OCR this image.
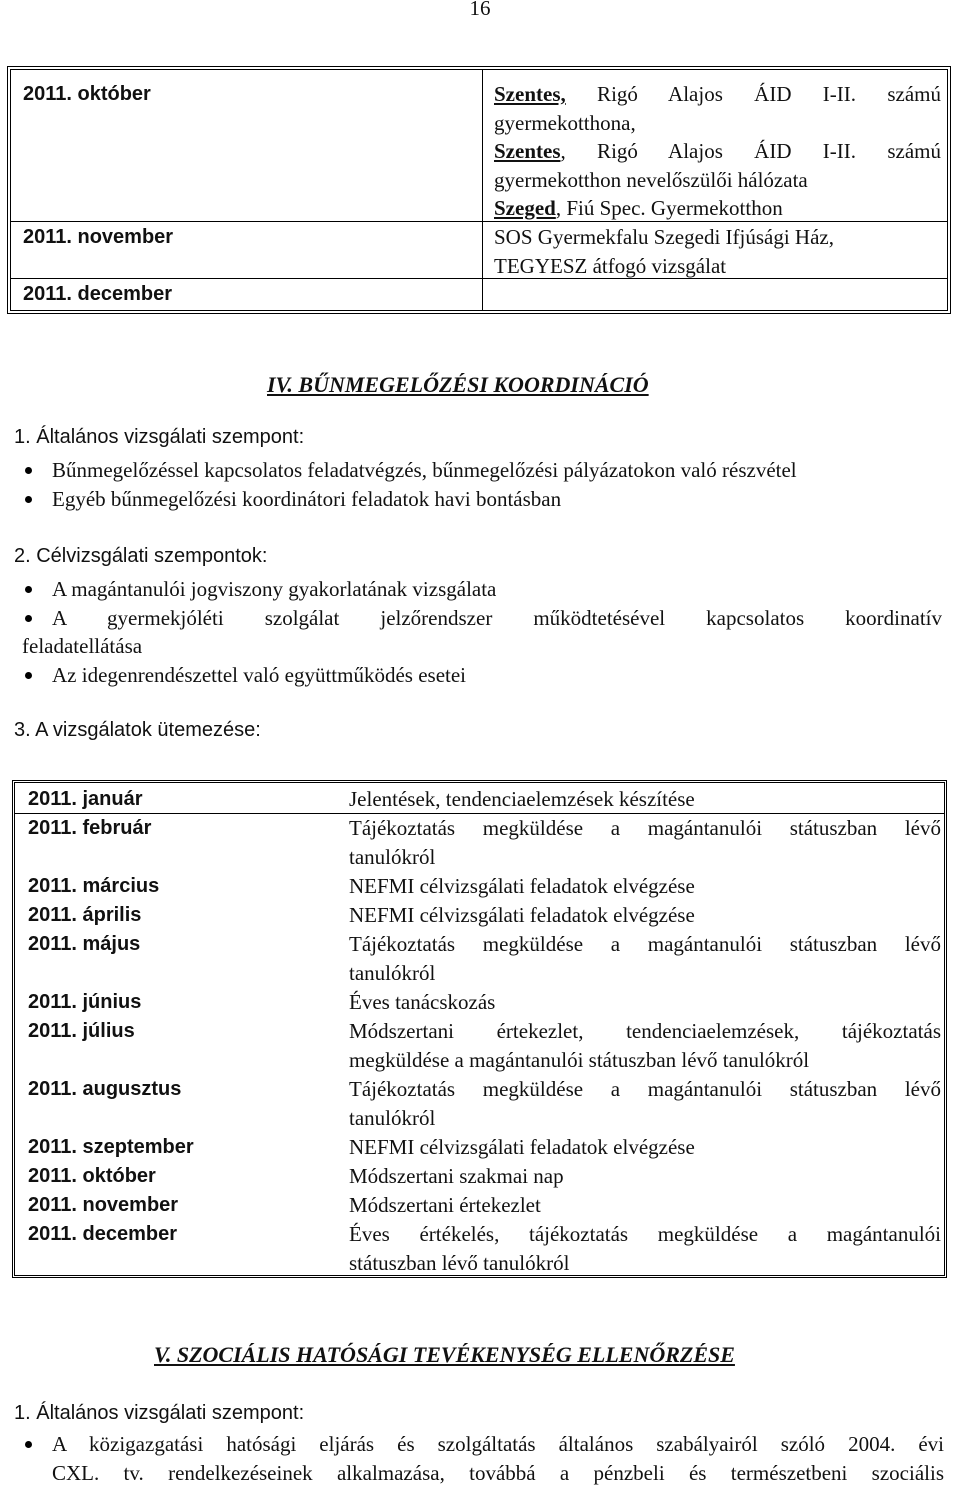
16
2011. október	Szentes, Rigó Alajos ÁID I-II. számú
gyermekotthona,
Szentes, Rigó Alajos ÁID I-II. számú
gyermekotthon nevelőszülői hálózata
Szeged, Fiú Spec. Gyermekotthon
2011. november	SOS Gyermekfalu Szegedi Ifjúsági Ház,
TEGYESZ átfogó vizsgálat
2011. december
IV. BŰNMEGELŐZÉSI KOORDINÁCIÓ
1. Általános vizsgálati szempont:
Bűnmegelőzéssel kapcsolatos feladatvégzés, bűnmegelőzési pályázatokon való részvétel
Egyéb bűnmegelőzési koordinátori feladatok havi bontásban
2. Célvizsgálati szempontok:
A magántanulói jogviszony gyakorlatának vizsgálata
A gyermekjóléti szolgálat jelzőrendszer működtetésével kapcsolatos koordinatív
feladatellátása
Az idegenrendészettel való együttműködés esetei
3. A vizsgálatok ütemezése:
2011. január	Jelentések, tendenciaelemzések készítése
2011. február	Tájékoztatás megküldése a magántanulói státuszban lévő
tanulókról
2011. március	NEFMI célvizsgálati feladatok elvégzése
2011. április	NEFMI célvizsgálati feladatok elvégzése
2011. május	Tájékoztatás megküldése a magántanulói státuszban lévő
tanulókról
2011. június	Éves tanácskozás
2011. július	Módszertani értekezlet, tendenciaelemzések, tájékoztatás
megküldése a magántanulói státuszban lévő tanulókról
2011. augusztus	Tájékoztatás megküldése a magántanulói státuszban lévő
tanulókról
2011. szeptember	NEFMI célvizsgálati feladatok elvégzése
2011. október	Módszertani szakmai nap
2011. november	Módszertani értekezlet
2011. december	Éves értékelés, tájékoztatás megküldése a magántanulói
státuszban lévő tanulókról
V. SZOCIÁLIS HATÓSÁGI TEVÉKENYSÉG ELLENŐRZÉSE
1. Általános vizsgálati szempont:
A közigazgatási hatósági eljárás és szolgáltatás általános szabályairól szóló 2004. évi
CXL. tv. rendelkezéseinek alkalmazása, továbbá a pénzbeli és természetbeni szociális
